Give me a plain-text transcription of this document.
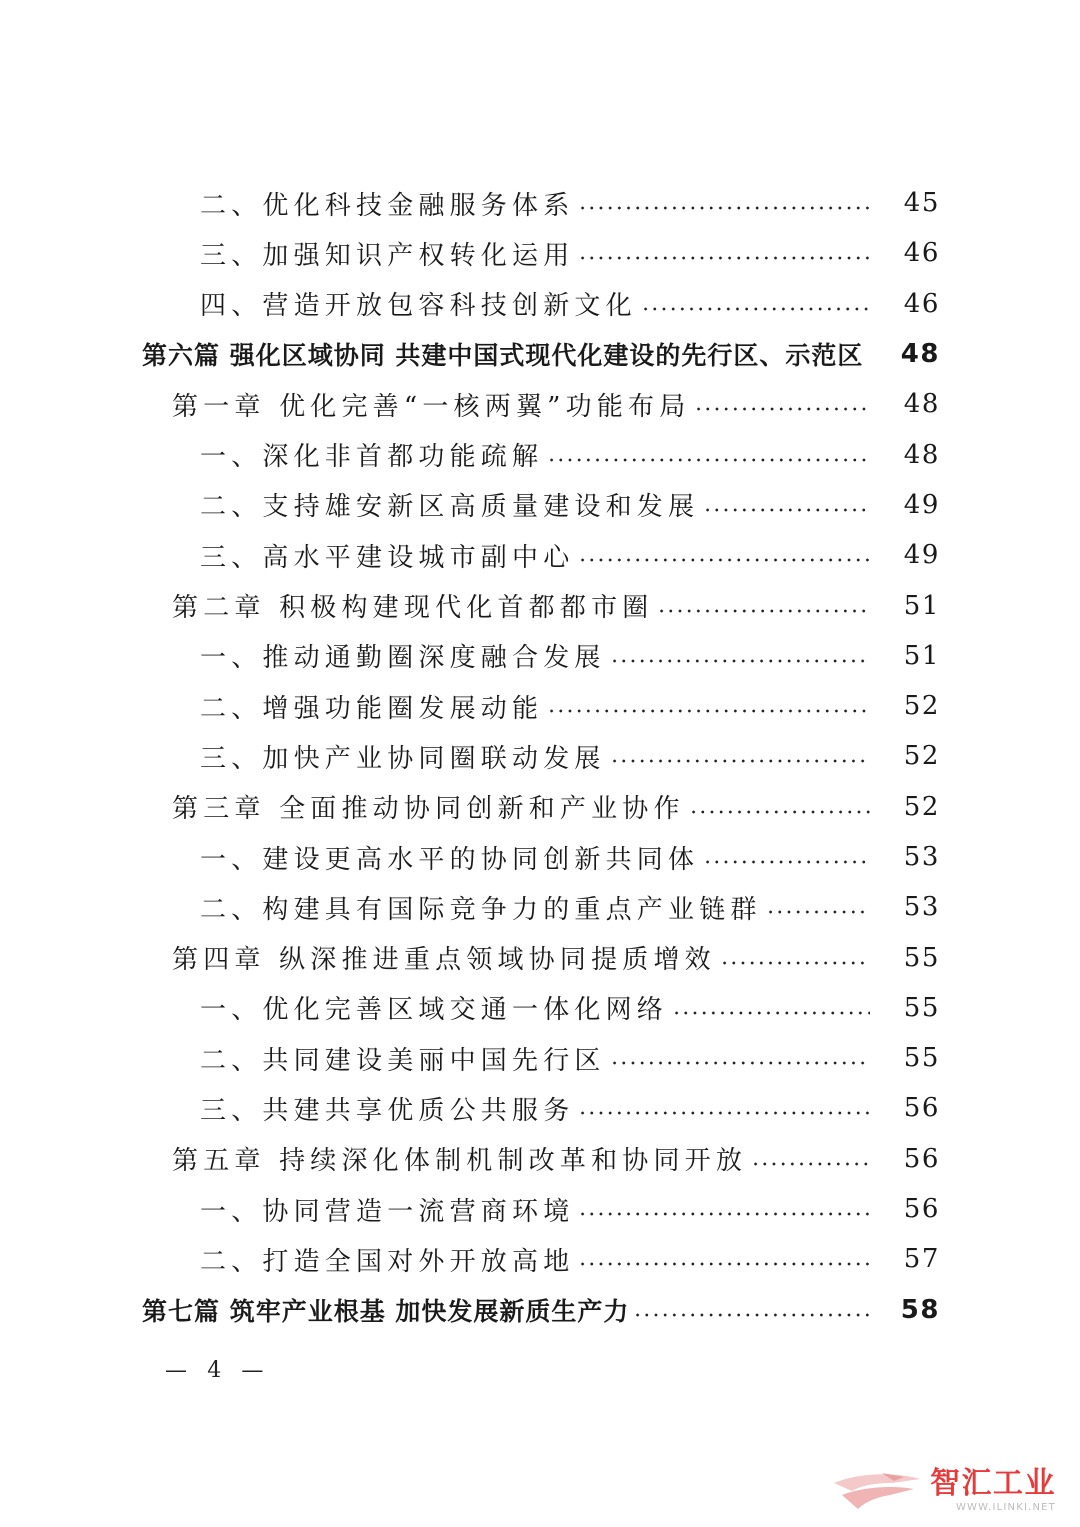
二、优化科技金融服务体系	45
三、加强知识产权转化运用	46
四、营造开放包容科技创新文化	46
第六篇 强化区域协同 共建中国式现代化建设的先行区、示范区 48
第一章 优化完善“一核两翼”功能布局	48
一、深化非首都功能疏解	48
二、支持雄安新区高质量建设和发展	49
三、高水平建设城市副中心	49
第二章 积极构建现代化首都都市圈	51
一、推动通勤圈深度融合发展	51
二、增强功能圈发展动能	52
三、加快产业协同圈联动发展	52
第三章 全面推动协同创新和产业协作	52
一、建设更高水平的协同创新共同体	53
二、构建具有国际竞争力的重点产业链群	53
第四章 纵深推进重点领域协同提质增效	55
一、优化完善区域交通一体化网络	55
二、共同建设美丽中国先行区	55
三、共建共享优质公共服务	56
第五章 持续深化体制机制改革和协同开放	56
一、协同营造一流营商环境	56
二、打造全国对外开放高地	57
第七篇 筑牢产业根基 加快发展新质生产力	58
— 4 —
智汇工业
WWW.ILINKI.NET
